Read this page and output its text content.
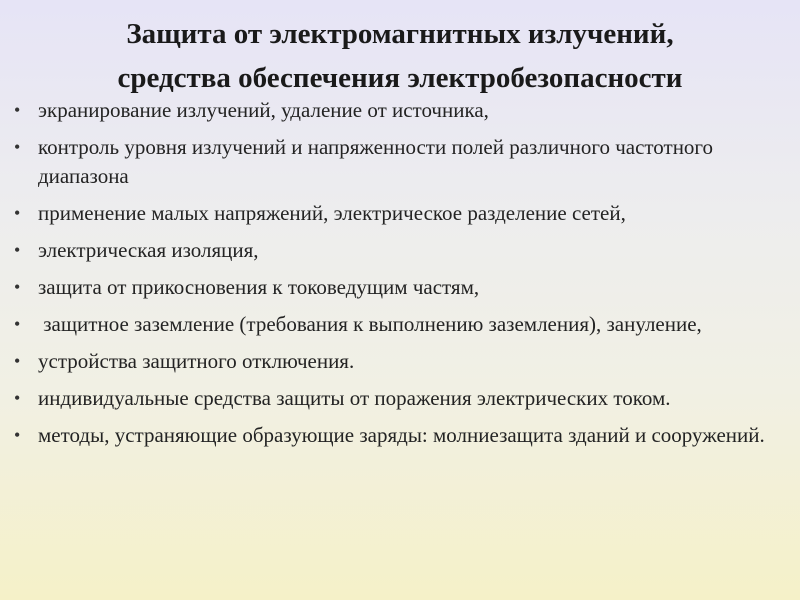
Защита от электромагнитных излучений,
средства обеспечения электробезопасности
• экранирование излучений, удаление от источника,
• контроль уровня излучений и напряженности полей различного частотного диапазона
• применение малых напряжений, электрическое разделение сетей,
• электрическая изоляция,
• защита от прикосновения к токоведущим частям,
• защитное заземление (требования к выполнению заземления), зануление,
• устройства защитного отключения.
• индивидуальные средства защиты от поражения электрических током.
• методы, устраняющие образующие заряды: молниезащита зданий и сооружений.
